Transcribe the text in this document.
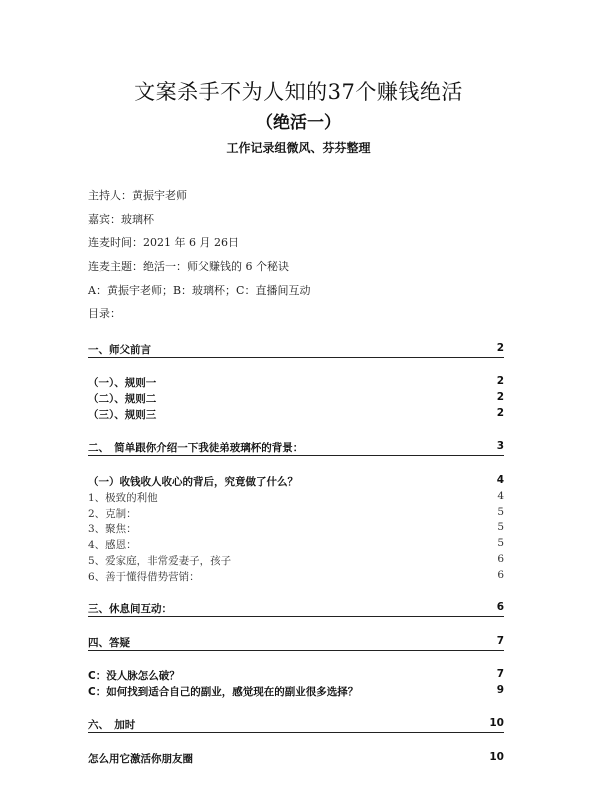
文案杀手不为人知的37个赚钱绝活
（绝活一）
工作记录组微风、芬芬整理
主持人：黄振宇老师
嘉宾：玻璃杯
连麦时间：2021 年 6 月 26日
连麦主题：绝活一：师父赚钱的 6 个秘诀
A：黄振宇老师；B：玻璃杯；C：直播间互动
目录：
一、师父前言	2
（一）、规则一	2
（二）、规则二	2
（三）、规则三	2
二、　简单跟你介绍一下我徒弟玻璃杯的背景：	3
（一）收钱收人收心的背后，究竟做了什么？	4
1、极致的利他	4
2、克制：	5
3、聚焦：	5
4、感恩：	5
5、爱家庭，非常爱妻子，孩子	6
6、善于懂得借势营销：	6
三、休息间互动：	6
四、答疑	7
C：没人脉怎么破？	7
C：如何找到适合自己的副业，感觉现在的副业很多选择？	9
六、　加时	10
怎么用它激活你朋友圈	10
